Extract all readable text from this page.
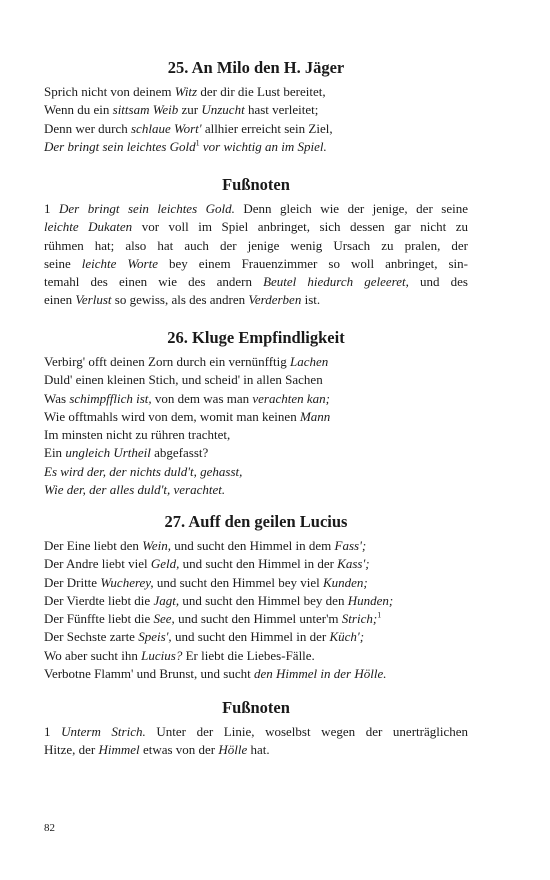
25. An Milo den H. Jäger
Sprich nicht von deinem Witz der dir die Lust bereitet,
Wenn du ein sittsam Weib zur Unzucht hast verleitet;
Denn wer durch schlaue Wort' allhier erreicht sein Ziel,
Der bringt sein leichtes Gold$^1$ vor wichtig an im Spiel.
Fußnoten
1 Der bringt sein leichtes Gold. Denn gleich wie der jenige, der seine
leichte Dukaten vor voll im Spiel anbringet, sich dessen gar nicht zu
rühmen hat; also hat auch der jenige wenig Ursach zu pralen, der
seine leichte Worte bey einem Frauenzimmer so woll anbringet, sin-
temahl des einen wie des andern Beutel hiedurch geleeret, und des
einen Verlust so gewiss, als des andren Verderben ist.
26. Kluge Empfindligkeit
Verbirg' offt deinen Zorn durch ein vernünfftig Lachen
Duld' einen kleinen Stich, und scheid' in allen Sachen
Was schimpfflich ist, von dem was man verachten kan;
Wie offtmahls wird von dem, womit man keinen Mann
Im minsten nicht zu rühren trachtet,
Ein ungleich Urtheil abgefasst?
Es wird der, der nichts duld't, gehasst,
Wie der, der alles duld't, verachtet.
27. Auff den geilen Lucius
Der Eine liebt den Wein, und sucht den Himmel in dem Fass';
Der Andre liebt viel Geld, und sucht den Himmel in der Kass';
Der Dritte Wucherey, und sucht den Himmel bey viel Kunden;
Der Vierdte liebt die Jagt, und sucht den Himmel bey den Hunden;
Der Fünffte liebt die See, und sucht den Himmel unter'm Strich;$^1$
Der Sechste zarte Speis', und sucht den Himmel in der Küch';
Wo aber sucht ihn Lucius? Er liebt die Liebes-Fälle.
Verbotne Flamm' und Brunst, und sucht den Himmel in der Hölle.
Fußnoten
1 Unterm Strich. Unter der Linie, woselbst wegen der unerträglichen
Hitze, der Himmel etwas von der Hölle hat.
82
